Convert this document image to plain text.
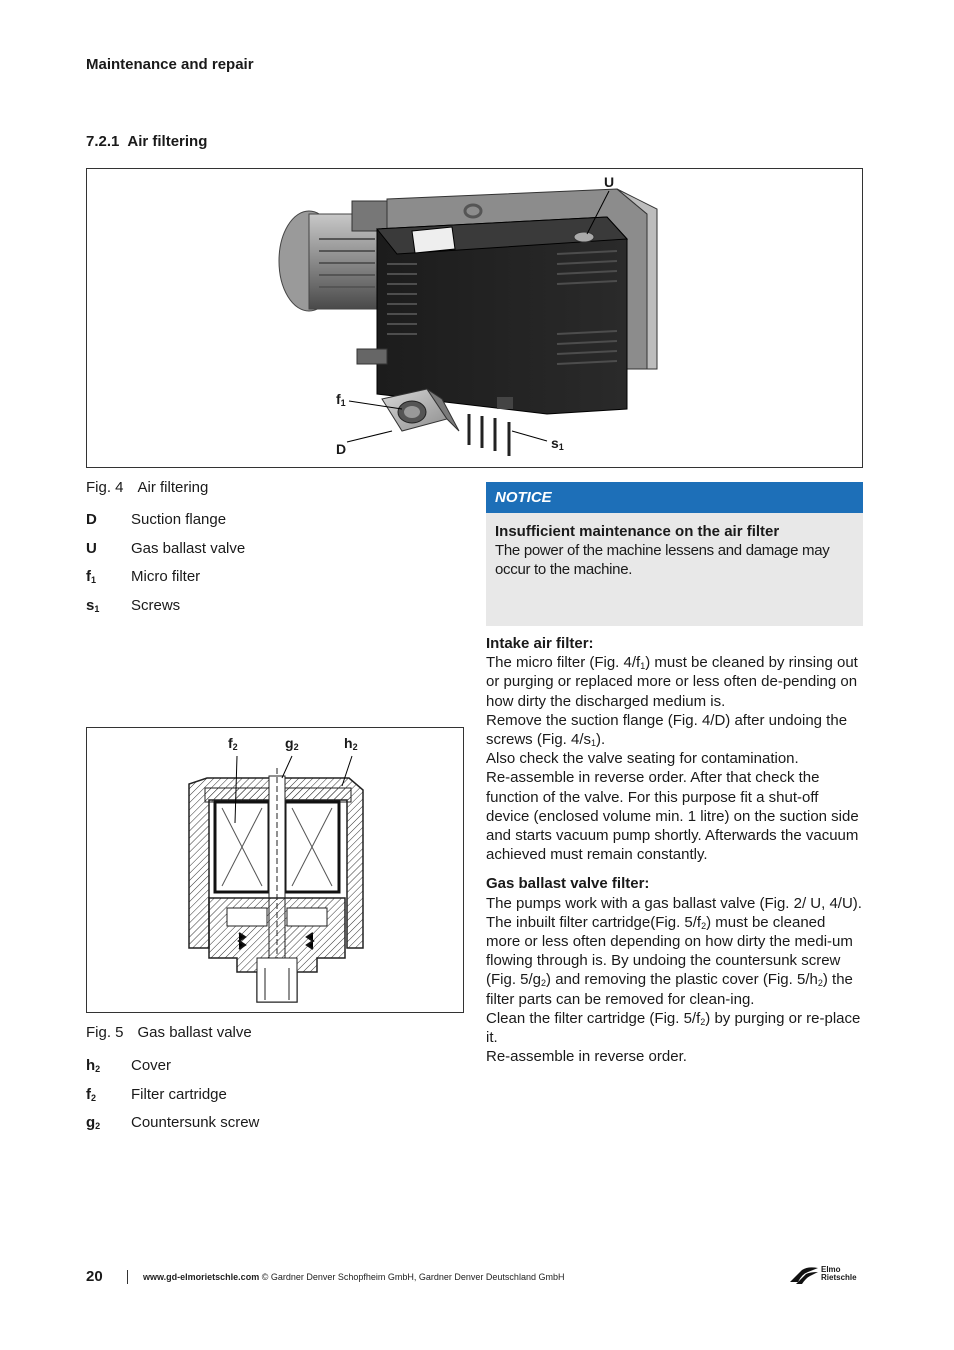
Maintenance and repair
7.2.1 Air filtering
U
$f_1$
D	$s_1$
Fig. 4 Air filtering
D	Suction flange
U	Gas ballast valve
$f_1$	Micro filter
$s_1$	Screws
NOTICE
Insufficient maintenance on the air filter
The power of the machine lessens and damage may occur to the machine.

Intake air filter:

The micro filter (Fig. $4/f_1$) must be cleaned by rinsing out or purging or replaced more or less often de-pending on how dirty the discharged medium is.

Remove the suction flange (Fig. 4/D) after undoing the screws (Fig. $4/s_1$).

Also check the valve seating for contamination.

Re-assemble in reverse order. After that check the function of the valve. For this purpose fit a shut-off device (enclosed volume min. 1 litre) on the suction side and starts vacuum pump shortly. Afterwards the vacuum achieved must remain constantly.

Gas ballast valve filter:

The pumps work with a gas ballast valve (Fig. 2/ U, 4/U).

The inbuilt filter cartridge(Fig. $5/f_2$) must be cleaned more or less often depending on how dirty the medi-um flowing through is. By undoing the countersunk screw (Fig. $5/g_2$) and removing the plastic cover (Fig. $5/h_2$) the filter parts can be removed for clean-ing.

Clean the filter cartridge (Fig. $5/f_2$) by purging or re-place it.

Re-assemble in reverse order.

$f_2$	$g_2$	$h_2$
Fig. 5 Gas ballast valve
$h_2$	Cover
$f_2$	Filter cartridge
$g_2$	Countersunk screw
20	www.gd-elmorietschle.com © Gardner Denver Schopfheim GmbH, Gardner Denver Deutschland GmbH
Elmo
Rietschle
